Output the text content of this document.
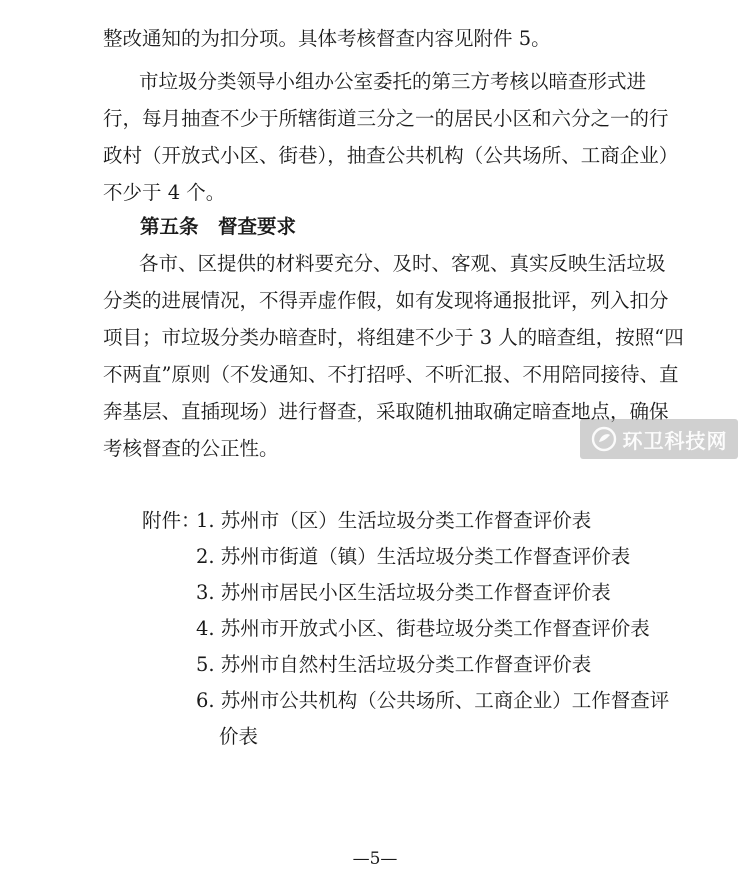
整改通知的为扣分项。具体考核督查内容见附件 5。
市垃圾分类领导小组办公室委托的第三方考核以暗查形式进
行，每月抽查不少于所辖街道三分之一的居民小区和六分之一的行
政村（开放式小区、街巷），抽查公共机构（公共场所、工商企业）
不少于 4 个。
第五条　督查要求
各市、区提供的材料要充分、及时、客观、真实反映生活垃圾
分类的进展情况，不得弄虚作假，如有发现将通报批评，列入扣分
项目；市垃圾分类办暗查时，将组建不少于 3 人的暗查组，按照“四
不两直”原则（不发通知、不打招呼、不听汇报、不用陪同接待、直
奔基层、直插现场）进行督查，采取随机抽取确定暗查地点，确保
考核督查的公正性。
附件：
1. 苏州市（区）生活垃圾分类工作督查评价表
2. 苏州市街道（镇）生活垃圾分类工作督查评价表
3. 苏州市居民小区生活垃圾分类工作督查评价表
4. 苏州市开放式小区、街巷垃圾分类工作督查评价表
5. 苏州市自然村生活垃圾分类工作督查评价表
6. 苏州市公共机构（公共场所、工商企业）工作督查评
价表
—5—
环卫科技网
